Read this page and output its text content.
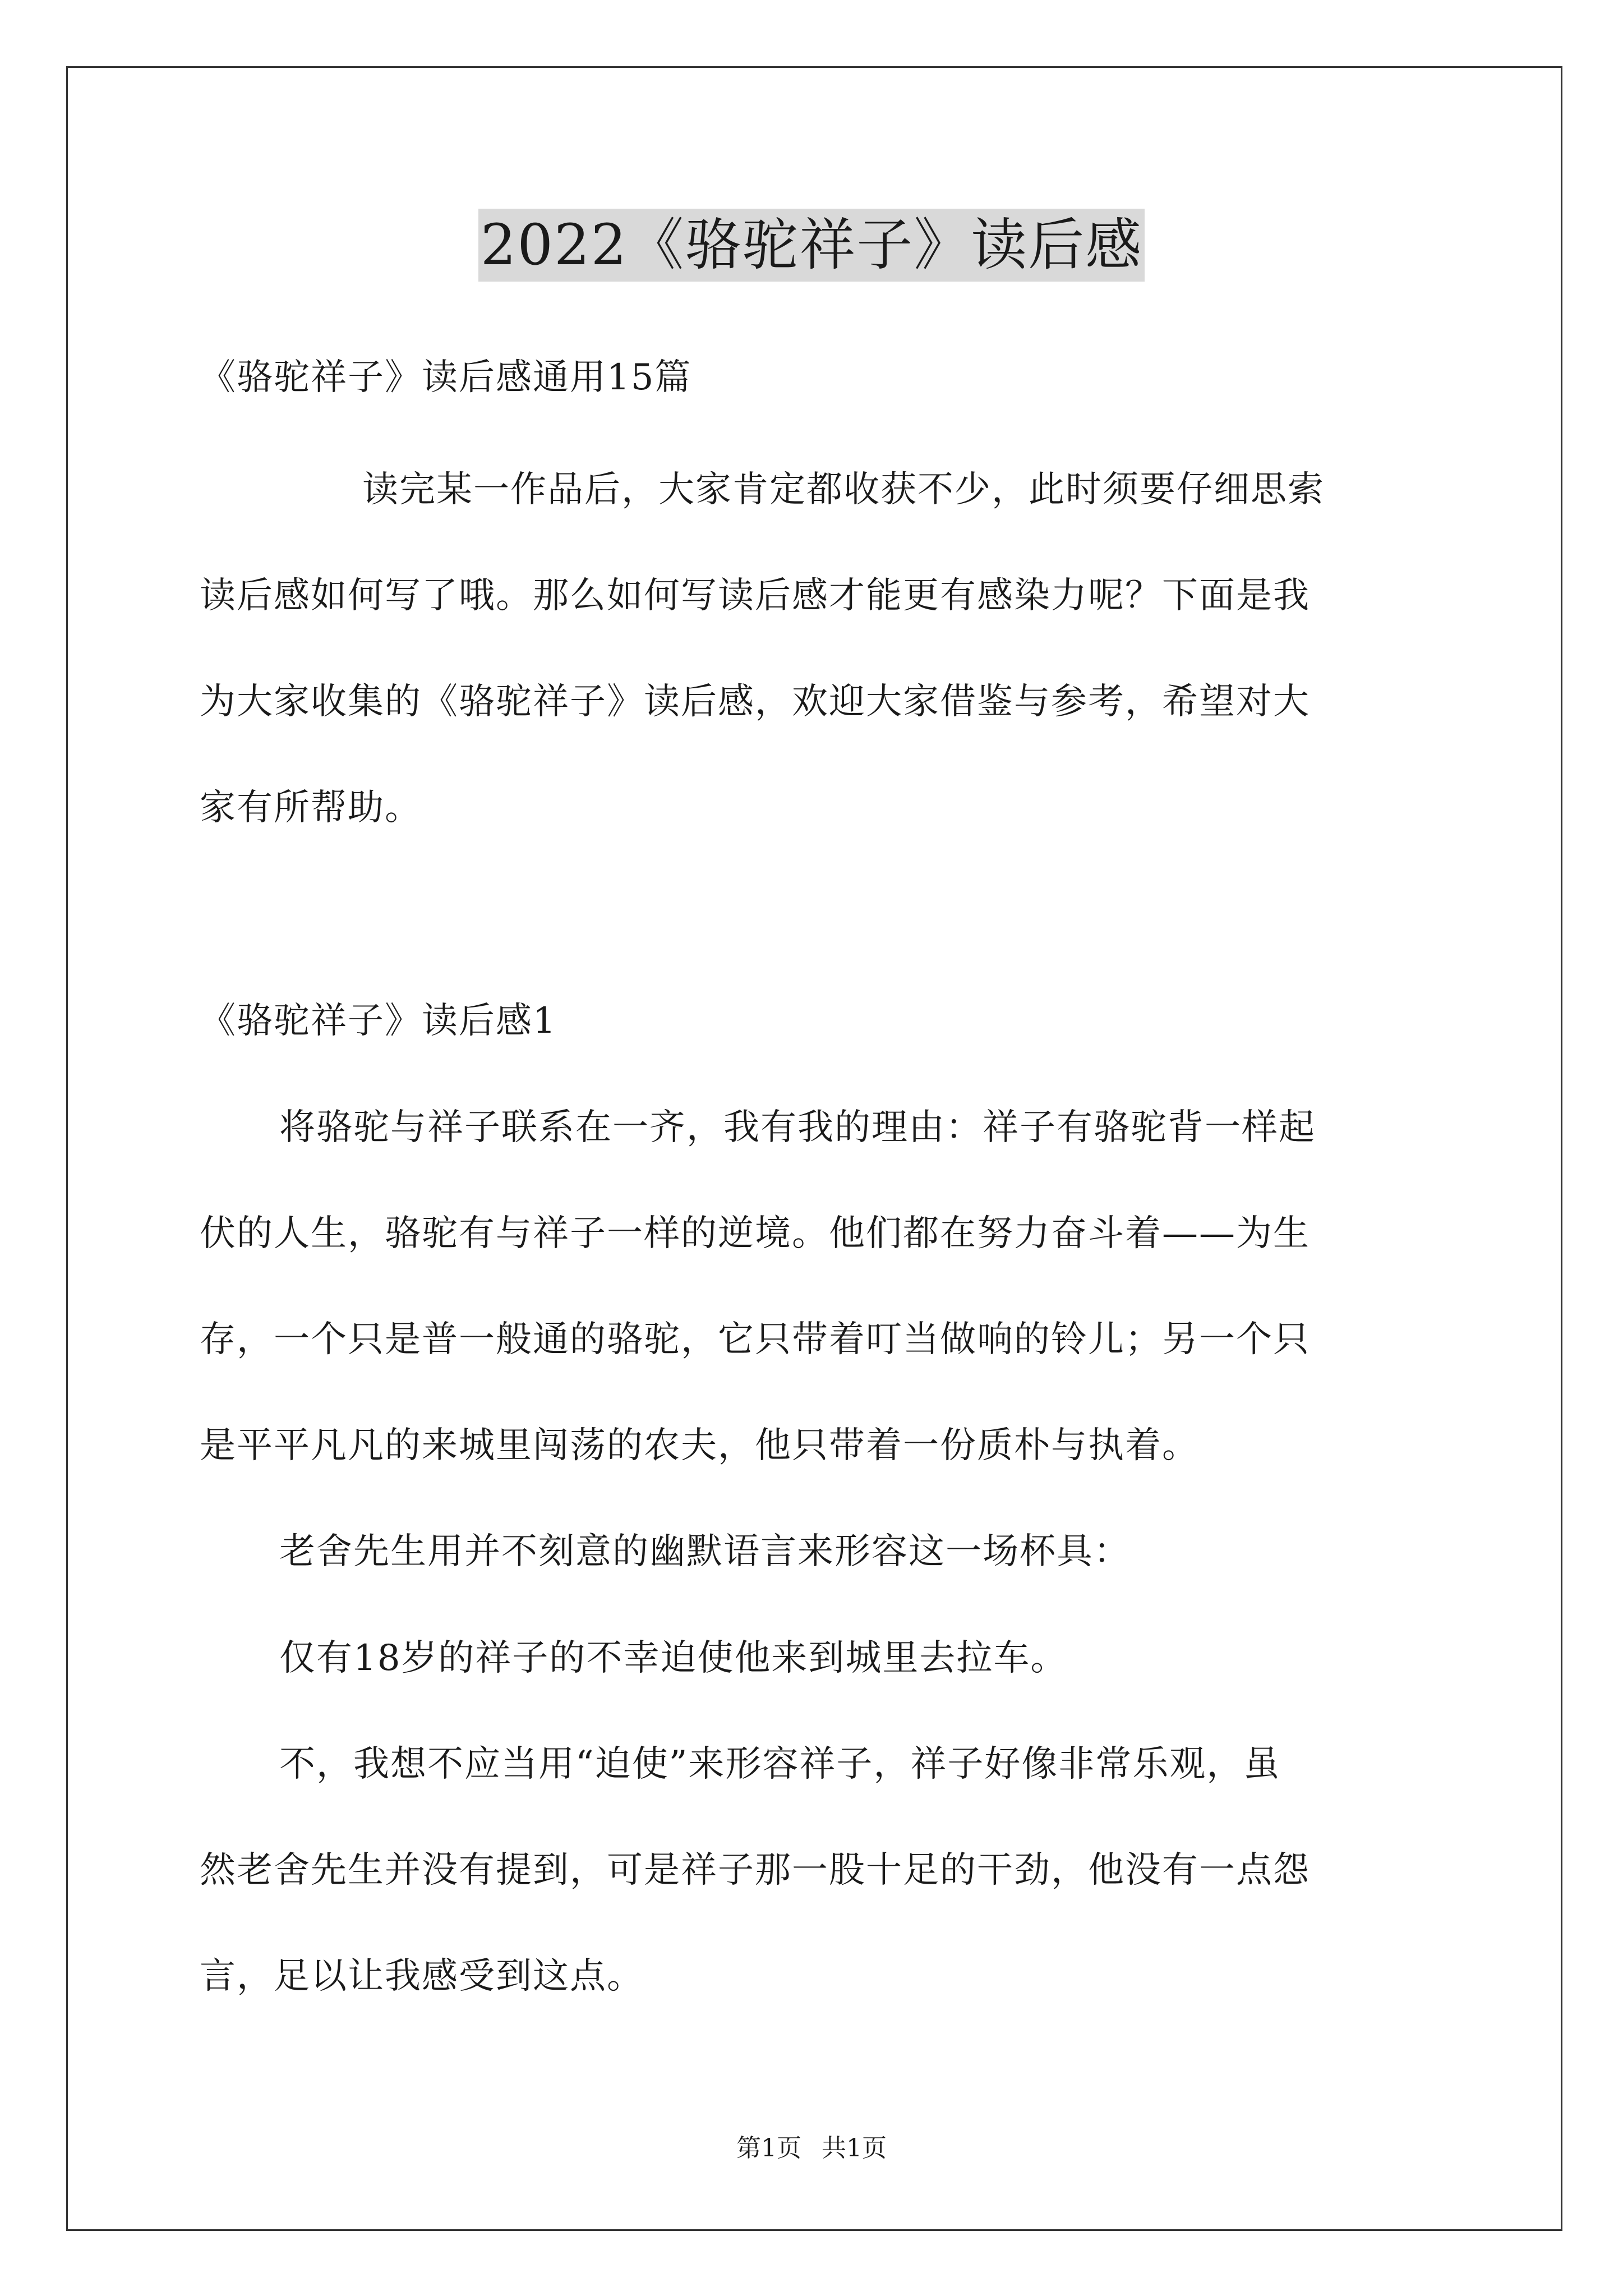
2022《骆驼祥子》读后感
《骆驼祥子》读后感通用15篇
读完某一作品后，大家肯定都收获不少，此时须要仔细思索
读后感如何写了哦。那么如何写读后感才能更有感染力呢？下面是我
为大家收集的《骆驼祥子》读后感，欢迎大家借鉴与参考，希望对大
家有所帮助。
《骆驼祥子》读后感1
将骆驼与祥子联系在一齐，我有我的理由：祥子有骆驼背一样起
伏的人生，骆驼有与祥子一样的逆境。他们都在努力奋斗着——为生
存，一个只是普一般通的骆驼，它只带着叮当做响的铃儿；另一个只
是平平凡凡的来城里闯荡的农夫，他只带着一份质朴与执着。
老舍先生用并不刻意的幽默语言来形容这一场杯具：
仅有18岁的祥子的不幸迫使他来到城里去拉车。
不，我想不应当用“迫使”来形容祥子，祥子好像非常乐观，虽
然老舍先生并没有提到，可是祥子那一股十足的干劲，他没有一点怨
言，足以让我感受到这点。
第1页 共1页
